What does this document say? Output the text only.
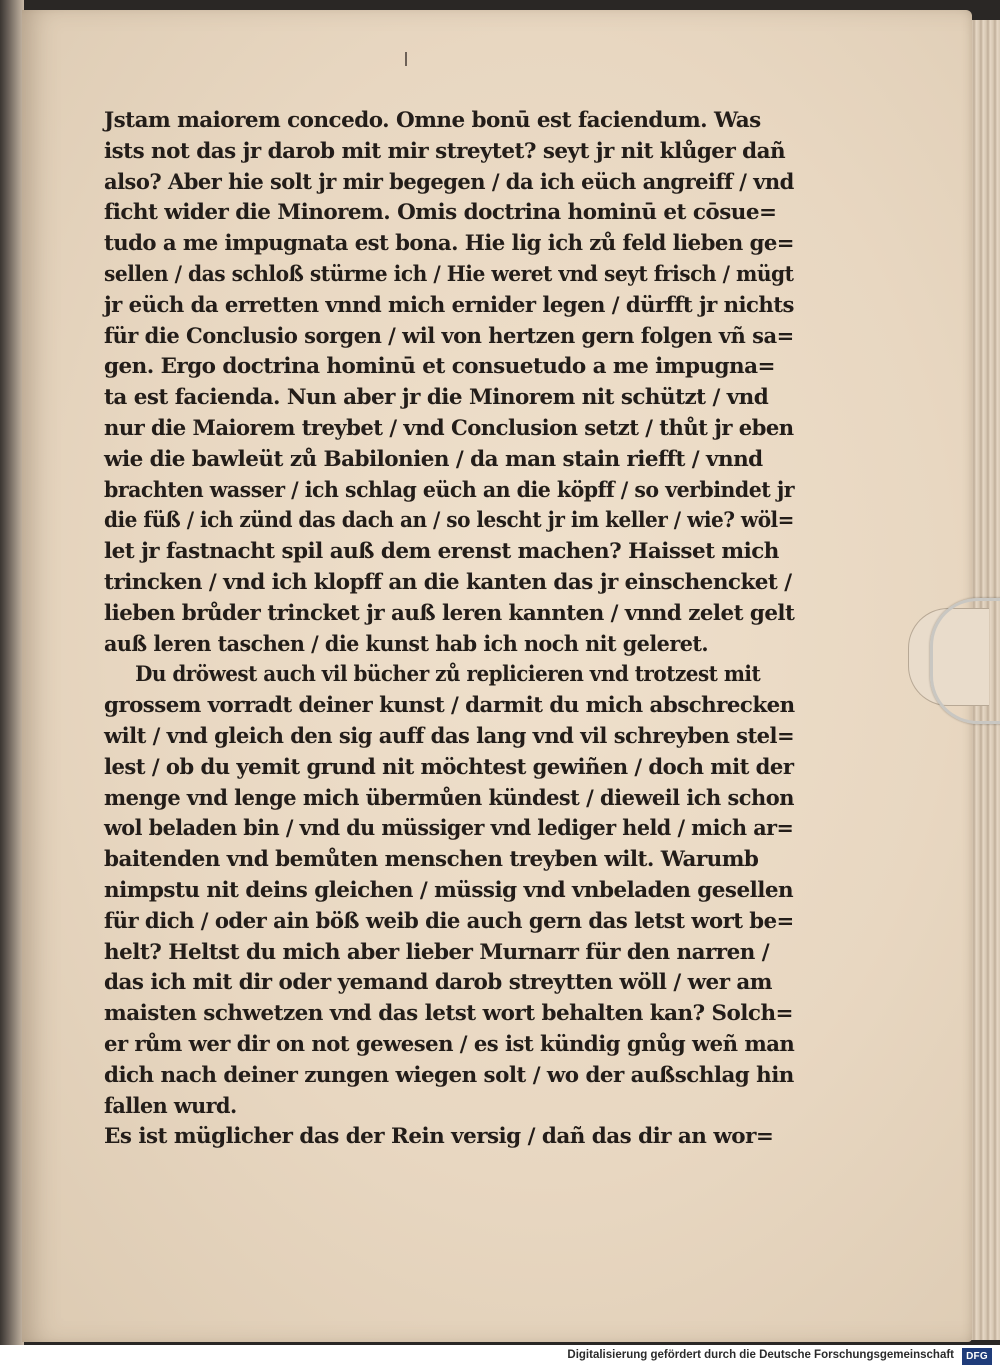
Jstam maiorem concedo. Omne bonū est faciendum. Was
ists not das jr darob mit mir streytet? seyt jr nit klůger dañ
also? Aber hie solt jr mir begegen / da ich eüch angreiff / vnd
ficht wider die Minorem. Omis doctrina hominū et cōsue=
tudo a me impugnata est bona. Hie lig ich zů feld lieben ge=
sellen / das schloß stürme ich / Hie weret vnd seyt frisch / mügt
jr eüch da erretten vnnd mich ernider legen / dürfft jr nichts
für die Conclusio sorgen / wil von hertzen gern folgen vñ sa=
gen. Ergo doctrina hominū et consuetudo a me impugna=
ta est facienda. Nun aber jr die Minorem nit schützt / vnd
nur die Maiorem treybet / vnd Conclusion setzt / thůt jr eben
wie die bawleüt zů Babilonien / da man stain riefft / vnnd
brachten wasser / ich schlag eüch an die köpff / so verbindet jr
die füß / ich zünd das dach an / so lescht jr im keller / wie? wöl=
let jr fastnacht spil auß dem erenst machen? Haisset mich
trincken / vnd ich klopff an die kanten das jr einschencket /
lieben brůder trincket jr auß leren kannten / vnnd zelet gelt
auß leren taschen / die kunst hab ich noch nit geleret.
Du dröwest auch vil bücher zů replicieren vnd trotzest mit
grossem vorradt deiner kunst / darmit du mich abschrecken
wilt / vnd gleich den sig auff das lang vnd vil schreyben stel=
lest / ob du yemit grund nit möchtest gewiñen / doch mit der
menge vnd lenge mich übermůen kündest / dieweil ich schon
wol beladen bin / vnd du müssiger vnd lediger held / mich ar=
baitenden vnd bemůten menschen treyben wilt. Warumb
nimpstu nit deins gleichen / müssig vnd vnbeladen gesellen
für dich / oder ain böß weib die auch gern das letst wort be=
helt? Heltst du mich aber lieber Murnarr für den narren /
das ich mit dir oder yemand darob streytten wöll / wer am
maisten schwetzen vnd das letst wort behalten kan? Solch=
er rům wer dir on not gewesen / es ist kündig gnůg weñ man
dich nach deiner zungen wiegen solt / wo der außschlag hin
fallen wurd.
Es ist müglicher das der Rein versig / dañ das dir an wor=
Digitalisierung gefördert durch die Deutsche Forschungsgemeinschaft	DFG
